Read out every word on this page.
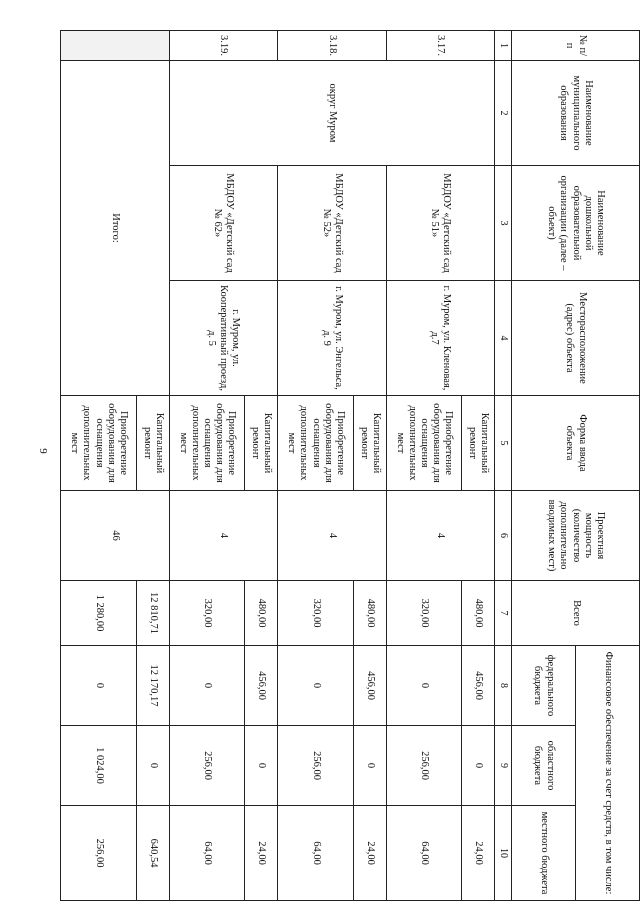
9
№ п/п	Наименование муниципального образования	Наименование дошкольной образовательной организации (далее – объект)	Месторасположение (адрес) объекта	Форма ввода объекта	Проектная мощность (количество дополнительно вводимых мест)	Всего	Финансовое обеспечение за счет средств, в том числе:		
							федерального бюджета	областного бюджета	местного бюджета
1	2	3	4	5	6	7	8	9	10
3.17.	округ Муром	МБДОУ «Детский сад № 51»	г. Муром, ул. Кленовая, д.7	Капитальный ремонт	4	480,00	456,00	0	24,00
				Приобретение оборудования для оснащения дополнительных мест		320,00	0	256,00	64,00
3.18.		МБДОУ «Детский сад № 52»	г. Муром, ул. Энгельса, д. 9	Капитальный ремонт	4	480,00	456,00	0	24,00
				Приобретение оборудования для оснащения дополнительных мест		320,00	0	256,00	64,00
3.19.		МБДОУ «Детский сад № 62»	г. Муром, ул. Кооперативный проезд, д. 5	Капитальный ремонт	4	480,00	456,00	0	24,00
				Приобретение оборудования для оснащения дополнительных мест		320,00	0	256,00	64,00
	Итого:			Капитальный ремонт	46	12 810,71	12 170,17	0	640,54
				Приобретение оборудования для оснащения дополнительных мест		1 280,00	0	1 024,00	256,00
